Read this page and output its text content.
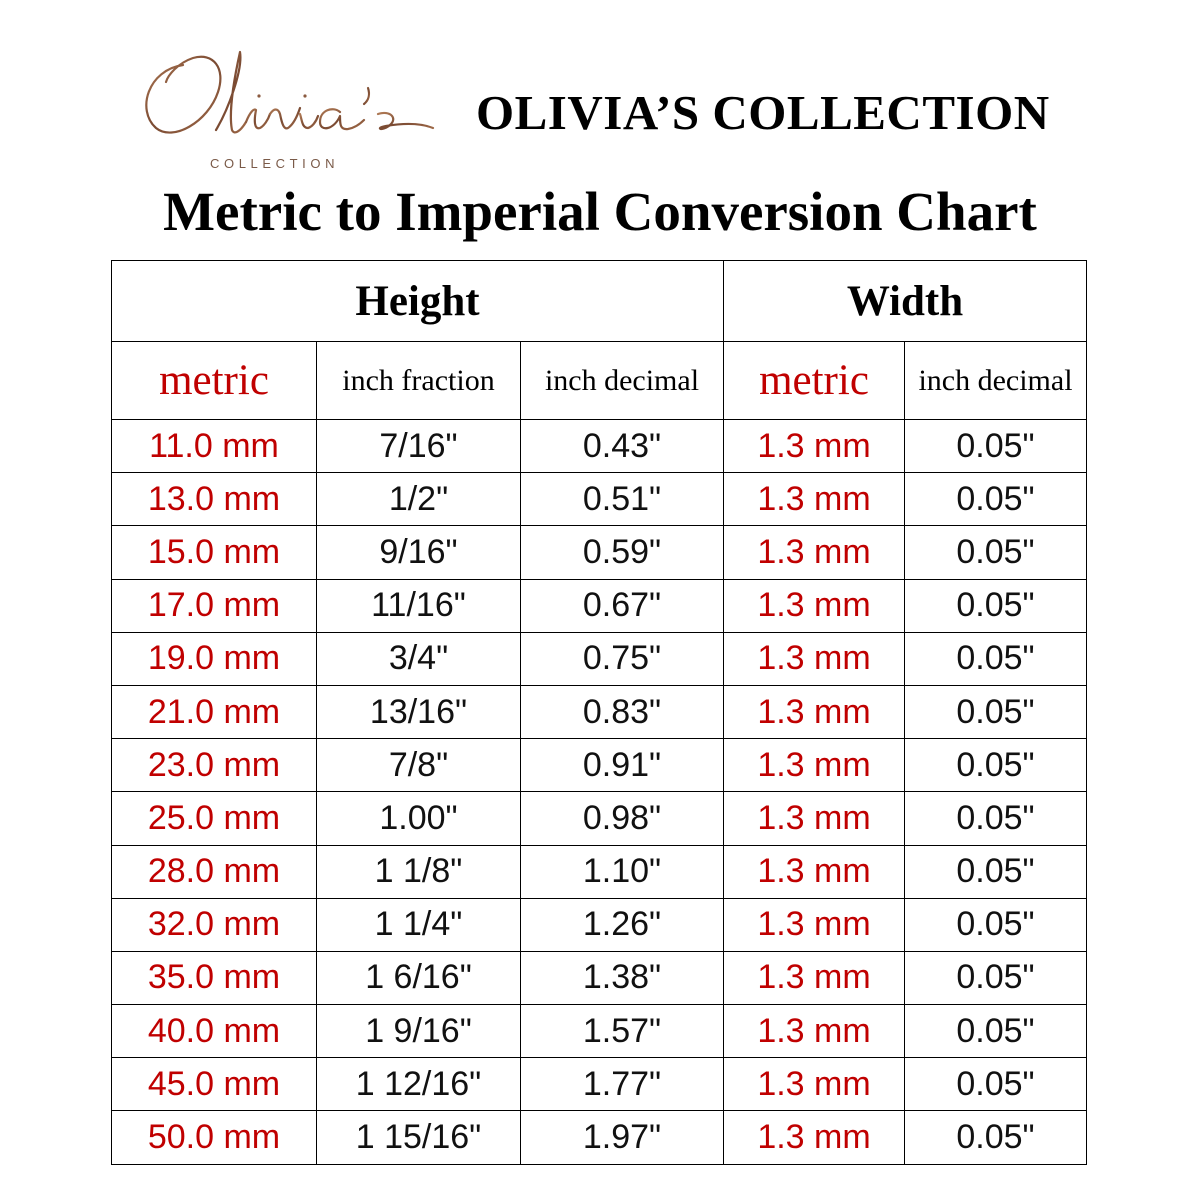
COLLECTION
OLIVIA’S COLLECTION
Metric to Imperial Conversion Chart
Height			Width	
metric	inch fraction	inch decimal	metric	inch decimal
11.0 mm	7/16"	0.43"	1.3 mm	0.05"
13.0 mm	1/2"	0.51"	1.3 mm	0.05"
15.0 mm	9/16"	0.59"	1.3 mm	0.05"
17.0 mm	11/16"	0.67"	1.3 mm	0.05"
19.0 mm	3/4"	0.75"	1.3 mm	0.05"
21.0 mm	13/16"	0.83"	1.3 mm	0.05"
23.0 mm	7/8"	0.91"	1.3 mm	0.05"
25.0 mm	1.00"	0.98"	1.3 mm	0.05"
28.0 mm	1 1/8"	1.10"	1.3 mm	0.05"
32.0 mm	1 1/4"	1.26"	1.3 mm	0.05"
35.0 mm	1 6/16"	1.38"	1.3 mm	0.05"
40.0 mm	1 9/16"	1.57"	1.3 mm	0.05"
45.0 mm	1 12/16"	1.77"	1.3 mm	0.05"
50.0 mm	1 15/16"	1.97"	1.3 mm	0.05"
